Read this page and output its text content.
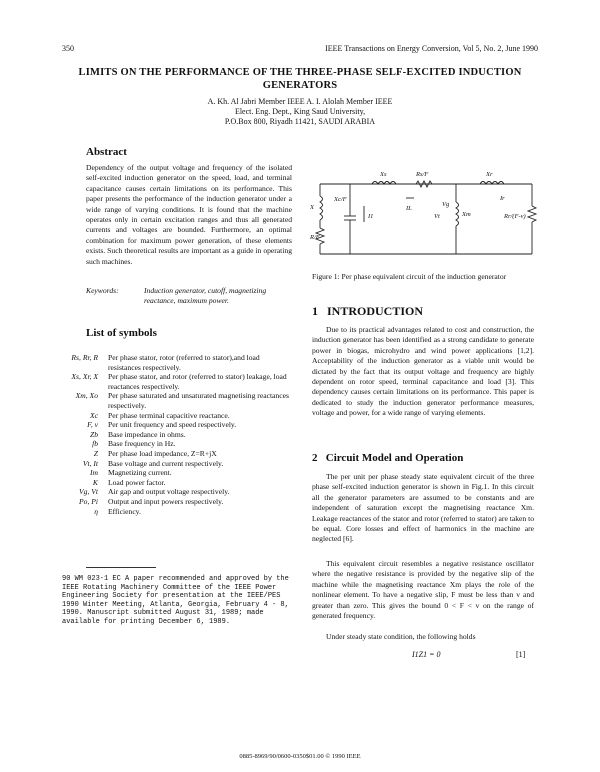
350	IEEE Transactions on Energy Conversion, Vol 5, No. 2, June 1990
LIMITS ON THE PERFORMANCE OF THE THREE-PHASE SELF-EXCITED INDUCTION GENERATORS
A. Kh. Al Jabri Member IEEE A. I. Alolah Member IEEE
Elect. Eng. Dept., King Saud University,
P.O.Box 800, Riyadh 11421, SAUDI ARABIA
Abstract
Dependency of the output voltage and frequency of the isolated self-excited induction generator on the speed, load, and terminal capacitance causes certain limitations on its performance. This paper presents the performance of the induction generator under a wide range of varying conditions. It is found that the machine operates only in certain excitation ranges and thus all generated currents and voltages are bounded. Furthermore, an optimal combination for maximum power generation, of these elements exists. Such theoretical results are important as a guide in operating such machines.
Keywords:	Induction generator, cutoff, magnetizing reactance, maximum power.
List of symbols
Rs, Rr, R	Per phase stator, rotor (referred to stator),and load resistances respectively.
Xs, Xr, X	Per phase stator, and rotor (referred to stator) leakage, load reactances respectively.
Xm, Xo	Per phase saturated and unsaturated magnetising reactances respectively.
Xc	Per phase terminal capacitive reactance.
F, v	Per unit frequency and speed respectively.
Zb	Base impedance in ohms.
fb	Base frequency in Hz.
Z	Per phase load impedance, Z=R+jX
Vt, It	Base voltage and current respectively.
Im	Magnetizing current.
K	Load power factor.
Vg, Vt	Air gap and output voltage respectively.
Po, Pi	Output and input powers respectively.
η	Efficiency.
90 WM 023-1 EC A paper recommended and approved by the IEEE Rotating Machinery Committee of the IEEE Power Engineering Society for presentation at the IEEE/PES 1990 Winter Meeting, Atlanta, Georgia, February 4 - 8, 1990. Manuscript submitted August 31, 1989; made available for printing December 6, 1989.
X
R/F
Xc/F
I1
IL
Xs	Rs/F
Vt
Vg
Xm
Xr
Ir
Rr/(F-v)
Figure 1: Per phase equivalent circuit of the induction generator
1 INTRODUCTION
Due to its practical advantages related to cost and construction, the induction generator has been identified as a strong candidate to generate power in biogas, microhydro and wind power applications [1,2]. Acceptability of the induction generator as a viable unit would be dictated by the fact that its output voltage and frequency are highly dependent on rotor speed, terminal capacitance and load [3]. This dependency causes certain limitations on its performance. This paper is dedicated to study the induction generator performance measures, voltage and power, for a wide range of varying elements.
2 Circuit Model and Operation
The per unit per phase steady state equivalent circuit of the three phase self-excited induction generator is shown in Fig.1. In this circuit all the generator parameters are assumed to be constants and are independent of saturation except the magnetising reactance Xm. Leakage reactances of the stator and rotor (referred to stator) are taken to be equal. Core losses and effect of harmonics in the machine are neglected [6].
This equivalent circuit resembles a negative resistance oscillator where the negative resistance is provided by the negative slip of the machine while the magnetising reactance Xm plays the role of the nonlinear element. To have a negative slip, F must be less than v and greater than zero. This gives the bound 0 < F < v on the range of generated frequency.
Under steady state condition, the following holds
I1Z1 = 0	[1]
0885-8969/90/0600-0350$01.00 © 1990 IEEE
